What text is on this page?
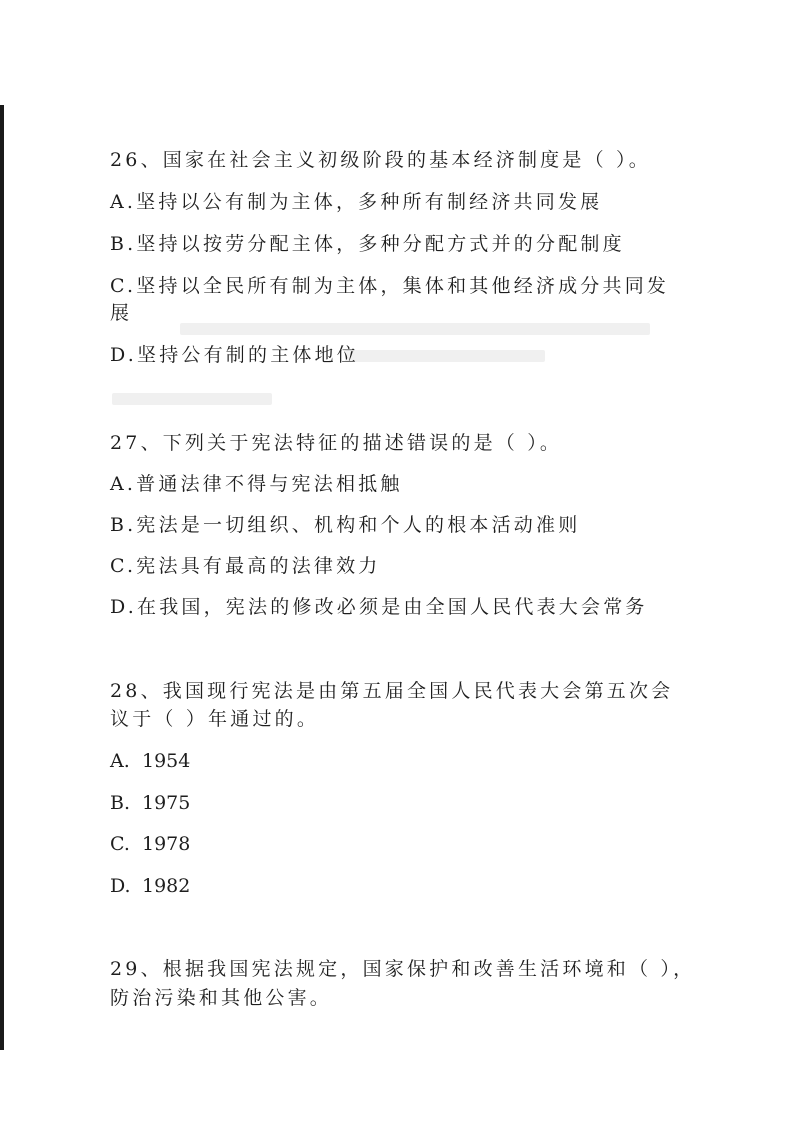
26、国家在社会主义初级阶段的基本经济制度是（ ）。
A.坚持以公有制为主体，多种所有制经济共同发展
B.坚持以按劳分配主体，多种分配方式并的分配制度
C.坚持以全民所有制为主体，集体和其他经济成分共同发
展
D.坚持公有制的主体地位
27、下列关于宪法特征的描述错误的是（ ）。
A.普通法律不得与宪法相抵触
B.宪法是一切组织、机构和个人的根本活动准则
C.宪法具有最高的法律效力
D.在我国，宪法的修改必须是由全国人民代表大会常务
28、我国现行宪法是由第五届全国人民代表大会第五次会
议于（ ）年通过的。
A. 1954
B. 1975
C. 1978
D. 1982
29、根据我国宪法规定，国家保护和改善生活环境和（ ），
防治污染和其他公害。
